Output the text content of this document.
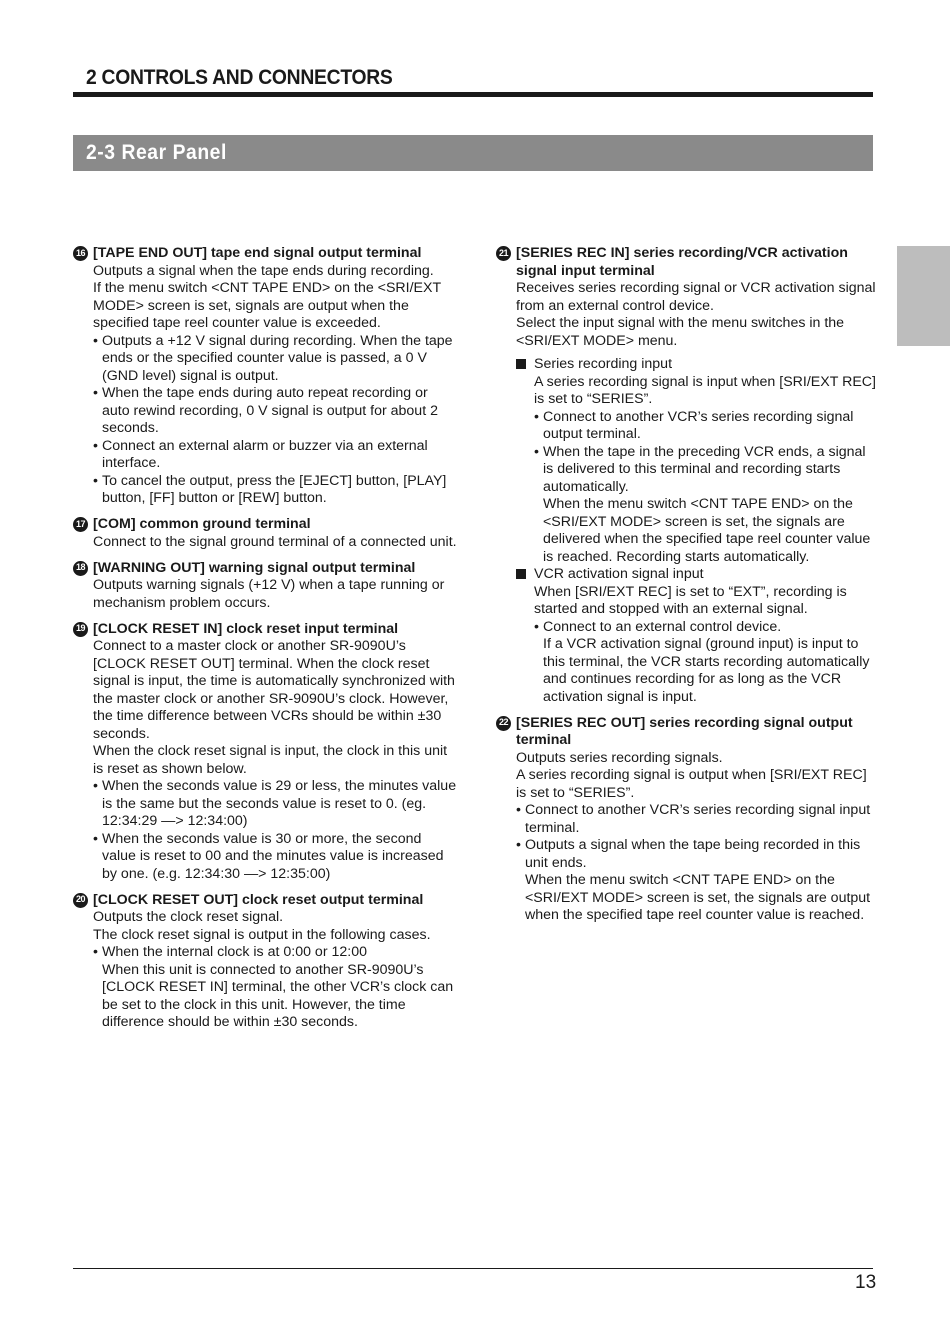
2 CONTROLS AND CONNECTORS
2-3 Rear Panel
16 [TAPE END OUT] tape end signal output terminal

Outputs a signal when the tape ends during recording.

If the menu switch <CNT TAPE END> on the <SRI/EXT MODE> screen is set, signals are output when the specified tape reel counter value is exceeded.

• Outputs a +12 V signal during recording. When the tape ends or the specified counter value is passed, a 0 V (GND level) signal is output.
• When the tape ends during auto repeat recording or auto rewind recording, 0 V signal is output for about 2 seconds.
• Connect an external alarm or buzzer via an external interface.
• To cancel the output, press the [EJECT] button, [PLAY] button, [FF] button or [REW] button.
17 [COM] common ground terminal

Connect to the signal ground terminal of a connected unit.

18 [WARNING OUT] warning signal output terminal

Outputs warning signals (+12 V) when a tape running or mechanism problem occurs.

19 [CLOCK RESET IN] clock reset input terminal

Connect to a master clock or another SR-9090U’s [CLOCK RESET OUT] terminal. When the clock reset signal is input, the time is automatically synchronized with the master clock or another SR-9090U’s clock. However, the time difference between VCRs should be within ±30 seconds.

When the clock reset signal is input, the clock in this unit is reset as shown below.

• When the seconds value is 29 or less, the minutes value is the same but the seconds value is reset to 0. (eg. 12:34:29 —> 12:34:00)
• When the seconds value is 30 or more, the second value is reset to 00 and the minutes value is increased by one. (e.g. 12:34:30 —> 12:35:00)
20 [CLOCK RESET OUT] clock reset output terminal

Outputs the clock reset signal.

The clock reset signal is output in the following cases.

• When the internal clock is at 0:00 or 12:00
When this unit is connected to another SR-9090U’s [CLOCK RESET IN] terminal, the other VCR’s clock can be set to the clock in this unit. However, the time difference should be within ±30 seconds.
21 [SERIES REC IN] series recording/VCR activation signal input terminal

Receives series recording signal or VCR activation signal from an external control device.

Select the input signal with the menu switches in the <SRI/EXT MODE> menu.

Series recording input
A series recording signal is input when [SRI/EXT REC] is set to “SERIES”.
• Connect to another VCR’s series recording signal output terminal.
• When the tape in the preceding VCR ends, a signal is delivered to this terminal and recording starts automatically.
When the menu switch <CNT TAPE END> on the <SRI/EXT MODE> screen is set, the signals are delivered when the specified tape reel counter value is reached. Recording starts automatically.
VCR activation signal input
When [SRI/EXT REC] is set to “EXT”, recording is started and stopped with an external signal.
• Connect to an external control device.
If a VCR activation signal (ground input) is input to this terminal, the VCR starts recording automatically and continues recording for as long as the VCR activation signal is input.
22 [SERIES REC OUT] series recording signal output terminal

Outputs series recording signals.

A series recording signal is output when [SRI/EXT REC] is set to “SERIES”.

• Connect to another VCR’s series recording signal input terminal.
• Outputs a signal when the tape being recorded in this unit ends.
When the menu switch <CNT TAPE END> on the <SRI/EXT MODE> screen is set, the signals are output when the specified tape reel counter value is reached.
13
